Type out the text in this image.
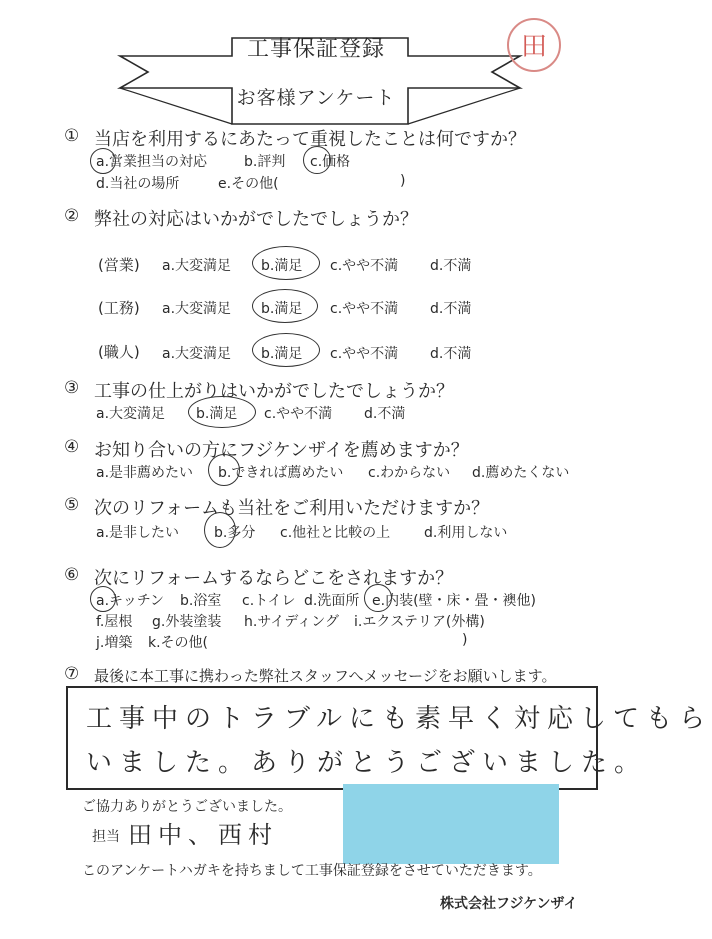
工事保証登録
お客様アンケート
田
① 当店を利用するにあたって重視したことは何ですか？
a.営業担当の対応	b.評判 c.価格
d.当社の場所	e.その他(	)
② 弊社の対応はいかがでしたでしょうか？
(営業) a.大変満足 b.満足 c.やや不満 d.不満
(工務) a.大変満足 b.満足 c.やや不満 d.不満
(職人) a.大変満足 b.満足 c.やや不満 d.不満
③ 工事の仕上がりはいかがでしたでしょうか？
a.大変満足 b.満足 c.やや不満 d.不満
④ お知り合いの方にフジケンザイを薦めますか？
a.是非薦めたい b.できれば薦めたい c.わからない d.薦めたくない
⑤ 次のリフォームも当社をご利用いただけますか？
a.是非したい b.多分 c.他社と比較の上 d.利用しない
⑥ 次にリフォームするならどこをされますか？
a.キッチン b.浴室 c.トイレ d.洗面所 e.内装(壁・床・畳・襖他)
f.屋根 g.外装塗装 h.サイディング i.エクステリア(外構)
j.増築 k.その他(	)
⑦ 最後に本工事に携わった弊社スタッフへメッセージをお願いします。
工事中のトラブルにも素早く対応してもら
いました。ありがとうございました。
ご協力ありがとうございました。
担当 田中、西村
このアンケートハガキを持ちまして工事保証登録をさせていただきます。
株式会社フジケンザイ
